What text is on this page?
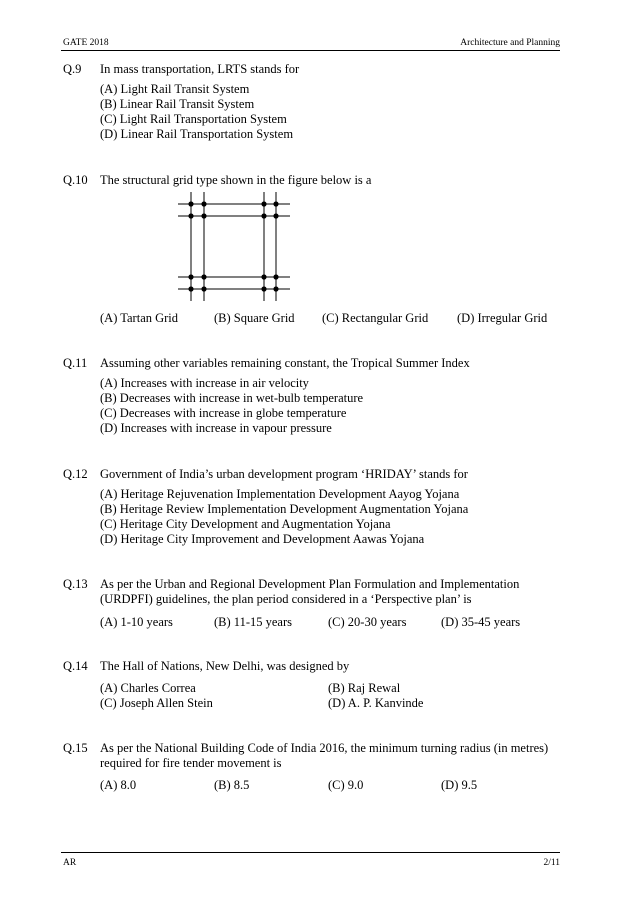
GATE 2018	Architecture and Planning
Q.9 In mass transportation, LRTS stands for
(A) Light Rail Transit System
(B) Linear Rail Transit System
(C) Light Rail Transportation System
(D) Linear Rail Transportation System
Q.10 The structural grid type shown in the figure below is a
(A) Tartan Grid	(B) Square Grid (C) Rectangular Grid (D) Irregular Grid
Q.11 Assuming other variables remaining constant, the Tropical Summer Index
(A) Increases with increase in air velocity
(B) Decreases with increase in wet-bulb temperature
(C) Decreases with increase in globe temperature
(D) Increases with increase in vapour pressure
Q.12 Government of India’s urban development program ‘HRIDAY’ stands for
(A) Heritage Rejuvenation Implementation Development Aayog Yojana
(B) Heritage Review Implementation Development Augmentation Yojana
(C) Heritage City Development and Augmentation Yojana
(D) Heritage City Improvement and Development Aawas Yojana
Q.13 As per the Urban and Regional Development Plan Formulation and Implementation
(URDPFI) guidelines, the plan period considered in a ‘Perspective plan’ is
(A) 1-10 years	(B) 11-15 years	(C) 20-30 years	(D) 35-45 years
Q.14 The Hall of Nations, New Delhi, was designed by
(A) Charles Correa	(B) Raj Rewal
(C) Joseph Allen Stein	(D) A. P. Kanvinde
Q.15 As per the National Building Code of India 2016, the minimum turning radius (in metres)
required for fire tender movement is
(A) 8.0	(B) 8.5	(C) 9.0	(D) 9.5
AR	2/11
